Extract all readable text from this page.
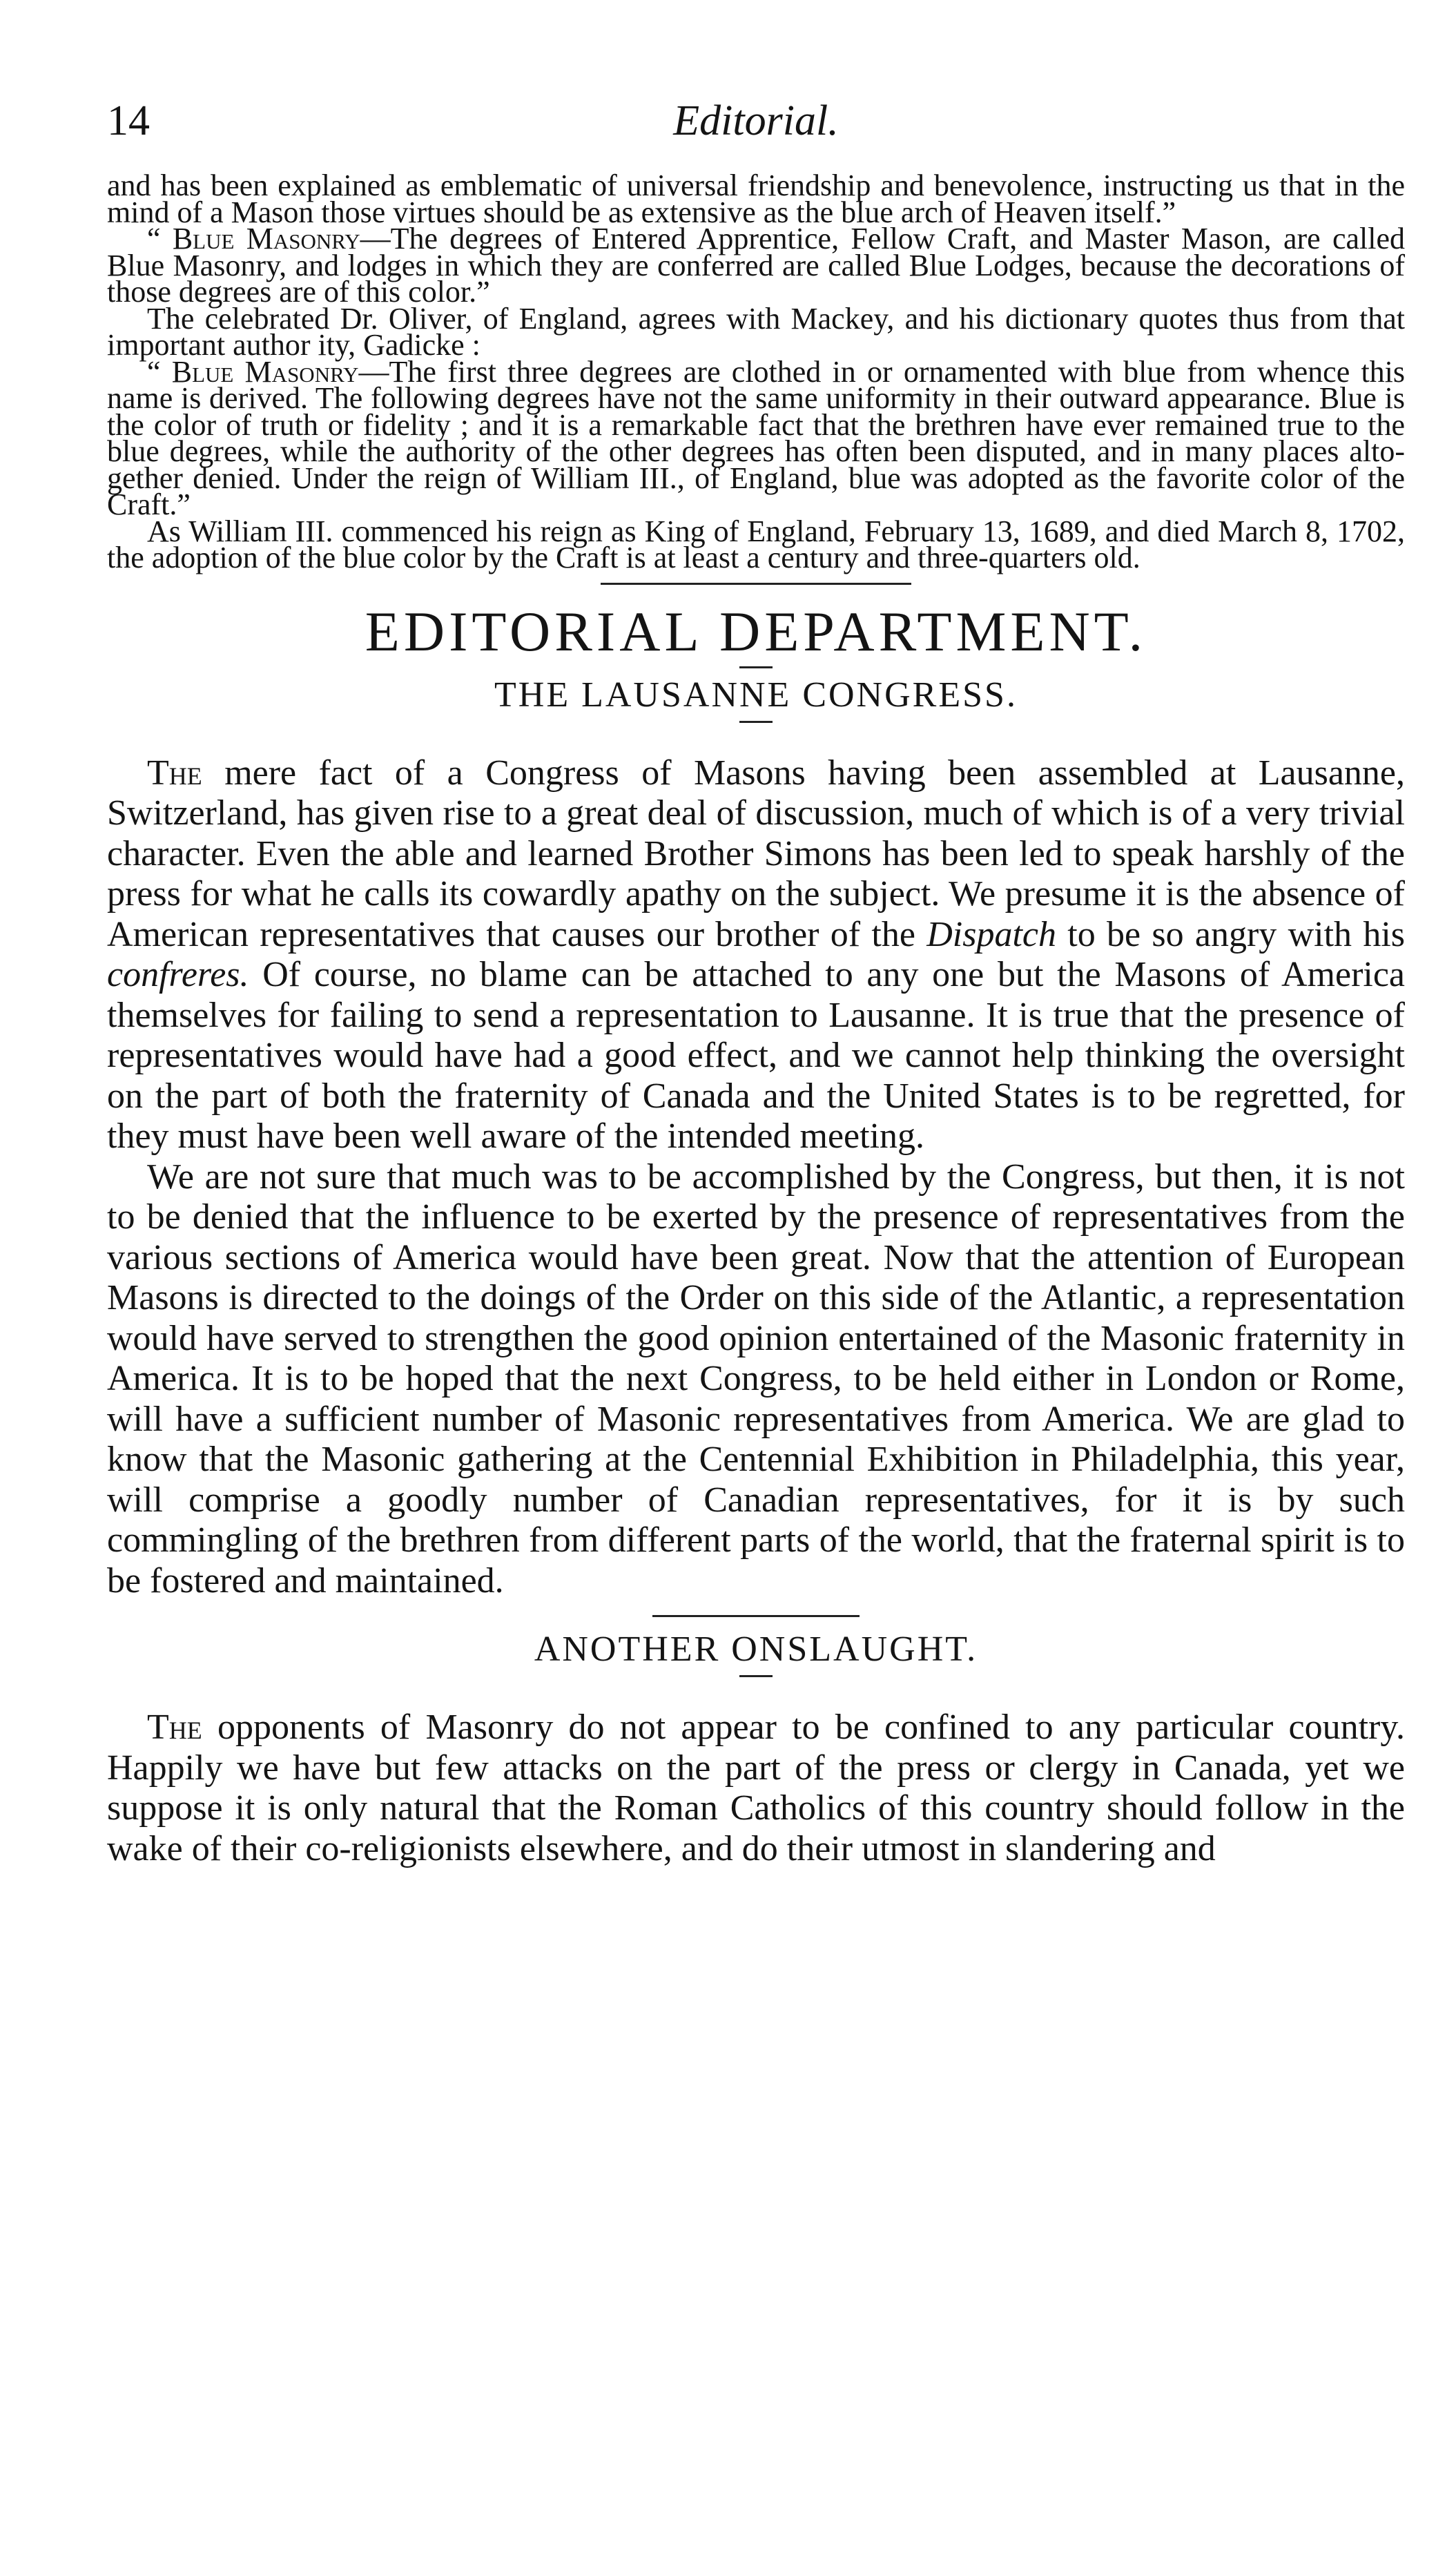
14	Editorial.

and has been explained as emblematic of universal friendship and benevolence, instructing us that in the mind of a Mason those virtues should be as extensive as the blue arch of Heaven itself.”

“ Blue Masonry—The degrees of Entered Apprentice, Fellow Craft, and Master Mason, are called Blue Masonry, and lodges in which they are conferred are called Blue Lodges, because the decorations of those degrees are of this color.”

The celebrated Dr. Oliver, of England, agrees with Mackey, and his dictionary quotes thus from that important author ity, Gadicke :

“ Blue Masonry—The first three degrees are clothed in or ornamented with blue from whence this name is derived. The following degrees have not the same uniformity in their outward appearance. Blue is the color of truth or fidelity ; and it is a remarkable fact that the brethren have ever remained true to the blue degrees, while the authority of the other degrees has often been disputed, and in many places altogether denied. Under the reign of William III., of England, blue was adopted as the favorite color of the Craft.”

As William III. commenced his reign as King of England, February 13, 1689, and died March 8, 1702, the adoption of the blue color by the Craft is at least a century and three-quarters old.

EDITORIAL DEPARTMENT.
THE LAUSANNE CONGRESS.

The mere fact of a Congress of Masons having been assembled at Lausanne, Switzerland, has given rise to a great deal of discussion, much of which is of a very trivial character. Even the able and learned Brother Simons has been led to speak harshly of the press for what he calls its cowardly apathy on the subject. We presume it is the absence of American representatives that causes our brother of the Dispatch to be so angry with his confreres. Of course, no blame can be attached to any one but the Masons of America themselves for failing to send a representation to Lausanne. It is true that the presence of representatives would have had a good effect, and we cannot help thinking the oversight on the part of both the fraternity of Canada and the United States is to be regretted, for they must have been well aware of the intended meeting.

We are not sure that much was to be accomplished by the Congress, but then, it is not to be denied that the influence to be exerted by the presence of representatives from the various sections of America would have been great. Now that the attention of European Masons is directed to the doings of the Order on this side of the Atlantic, a representation would have served to strengthen the good opinion entertained of the Masonic fraternity in America. It is to be hoped that the next Congress, to be held either in London or Rome, will have a sufficient number of Masonic representatives from America. We are glad to know that the Masonic gathering at the Centennial Exhibition in Philadelphia, this year, will comprise a goodly number of Canadian representatives, for it is by such commingling of the brethren from different parts of the world, that the fraternal spirit is to be fostered and maintained.

ANOTHER ONSLAUGHT.

The opponents of Masonry do not appear to be confined to any particular country. Happily we have but few attacks on the part of the press or clergy in Canada, yet we suppose it is only natural that the Roman Catholics of this country should follow in the wake of their co-religionists elsewhere, and do their utmost in slandering and
